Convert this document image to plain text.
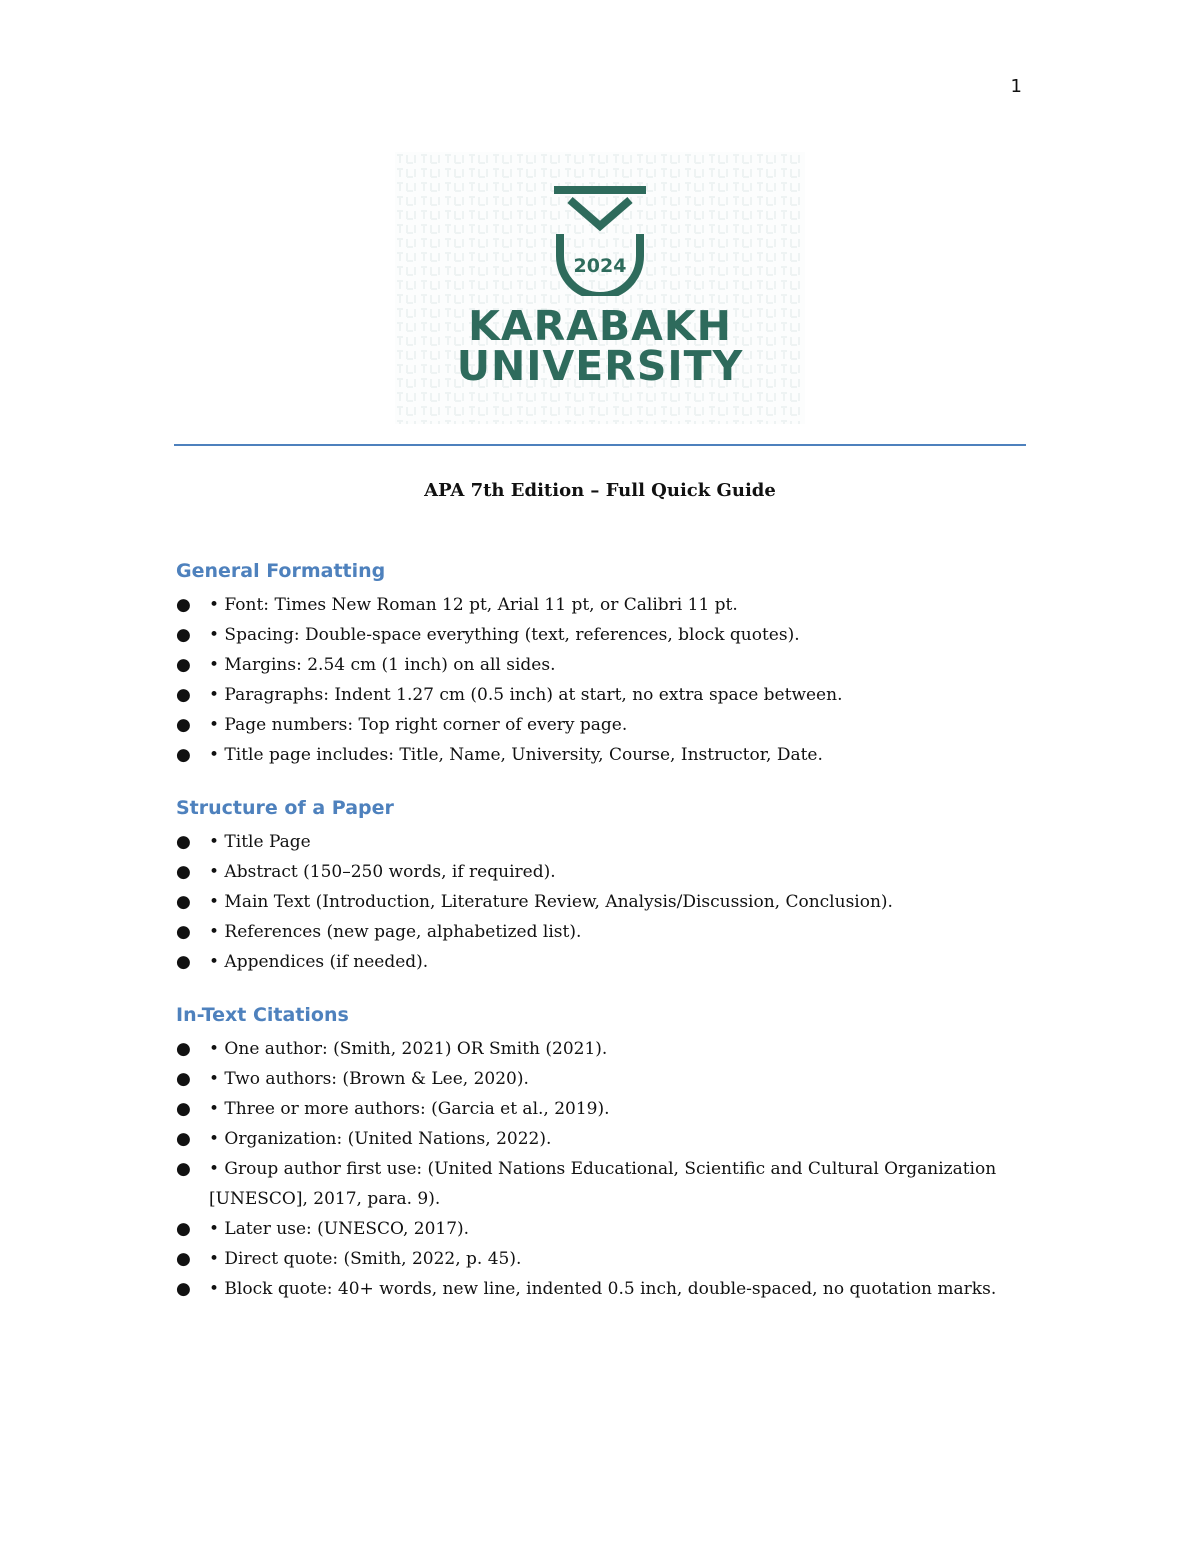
1
2024
KARABAKH
UNIVERSITY
APA 7th Edition – Full Quick Guide
General Formatting
● • Font: Times New Roman 12 pt, Arial 11 pt, or Calibri 11 pt.
● • Spacing: Double-space everything (text, references, block quotes).
● • Margins: 2.54 cm (1 inch) on all sides.
● • Paragraphs: Indent 1.27 cm (0.5 inch) at start, no extra space between.
● • Page numbers: Top right corner of every page.
● • Title page includes: Title, Name, University, Course, Instructor, Date.
Structure of a Paper
● • Title Page
● • Abstract (150–250 words, if required).
● • Main Text (Introduction, Literature Review, Analysis/Discussion, Conclusion).
● • References (new page, alphabetized list).
● • Appendices (if needed).
In-Text Citations
● • One author: (Smith, 2021) OR Smith (2021).
● • Two authors: (Brown & Lee, 2020).
● • Three or more authors: (Garcia et al., 2019).
● • Organization: (United Nations, 2022).
● • Group author first use: (United Nations Educational, Scientific and Cultural Organization [UNESCO], 2017, para. 9).
● • Later use: (UNESCO, 2017).
● • Direct quote: (Smith, 2022, p. 45).
● • Block quote: 40+ words, new line, indented 0.5 inch, double-spaced, no quotation marks.
